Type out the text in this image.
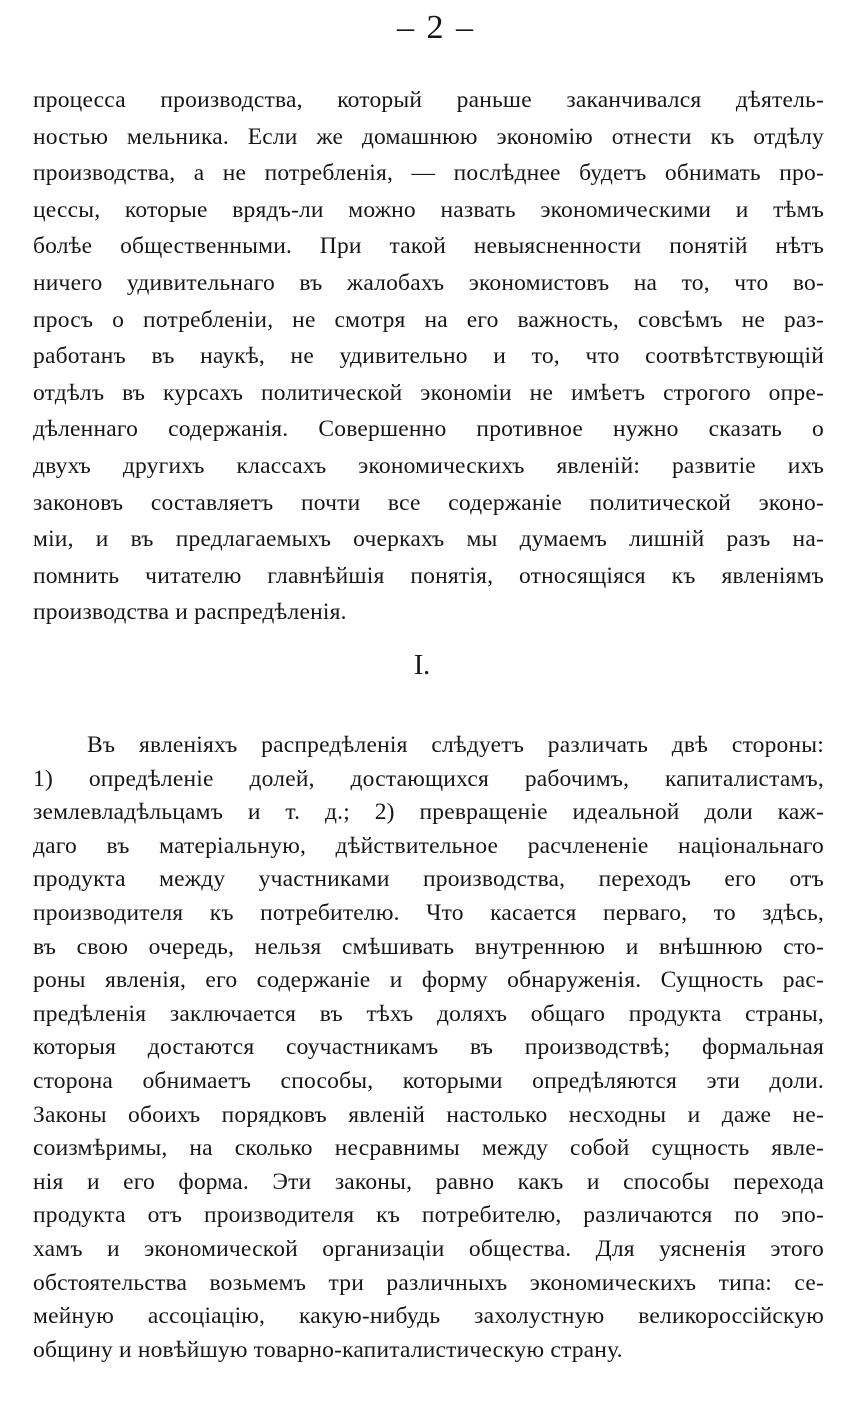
– 2 –
процесса производства, который раньше заканчивался дѣятель-
ностью мельника. Если же домашнюю экономію отнести къ отдѣлу
производства, а не потребленія, — послѣднее будетъ обнимать про-
цессы, которые врядъ-ли можно назвать экономическими и тѣмъ
болѣе общественными. При такой невыясненности понятій нѣтъ
ничего удивительнаго въ жалобахъ экономистовъ на то, что во-
просъ о потребленіи, не смотря на его важность, совсѣмъ не раз-
работанъ въ наукѣ, не удивительно и то, что соотвѣтствующій
отдѣлъ въ курсахъ политической экономіи не имѣетъ строгого опре-
дѣленнаго содержанія. Совершенно противное нужно сказать о
двухъ другихъ классахъ экономическихъ явленій: развитіе ихъ
законовъ составляетъ почти все содержаніе политической эконо-
міи, и въ предлагаемыхъ очеркахъ мы думаемъ лишній разъ на-
помнить читателю главнѣйшія понятія, относящіяся къ явленіямъ
производства и распредѣленія.
I.
Въ явленіяхъ распредѣленія слѣдуетъ различать двѣ стороны:
1) опредѣленіе долей, достающихся рабочимъ, капиталистамъ,
землевладѣльцамъ и т. д.; 2) превращеніе идеальной доли каж-
даго въ матеріальную, дѣйствительное расчлененіе національнаго
продукта между участниками производства, переходъ его отъ
производителя къ потребителю. Что касается перваго, то здѣсь,
въ свою очередь, нельзя смѣшивать внутреннюю и внѣшнюю сто-
роны явленія, его содержаніе и форму обнаруженія. Сущность рас-
предѣленія заключается въ тѣхъ доляхъ общаго продукта страны,
которыя достаются соучастникамъ въ производствѣ; формальная
сторона обнимаетъ способы, которыми опредѣляются эти доли.
Законы обоихъ порядковъ явленій настолько несходны и даже не-
соизмѣримы, на сколько несравнимы между собой сущность явле-
нія и его форма. Эти законы, равно какъ и способы перехода
продукта отъ производителя къ потребителю, различаются по эпо-
хамъ и экономической организаціи общества. Для уясненія этого
обстоятельства возьмемъ три различныхъ экономическихъ типа: се-
мейную ассоціацію, какую-нибудь захолустную великороссійскую
общину и новѣйшую товарно-капиталистическую страну.
